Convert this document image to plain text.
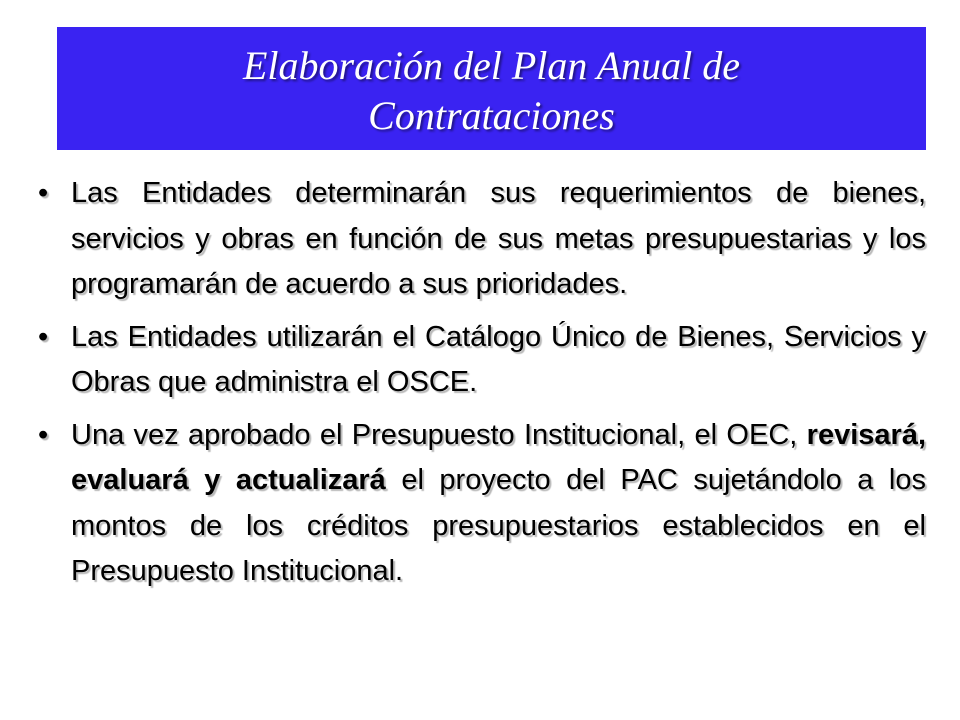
Elaboración del Plan Anual de
Contrataciones
•
Las Entidades determinarán sus requerimientos de bienes, servicios y obras en función de sus metas presupuestarias y los programarán de acuerdo a sus prioridades.
•
Las Entidades utilizarán el Catálogo Único de Bienes, Servicios y Obras que administra el OSCE.
•
Una vez aprobado el Presupuesto Institucional, el OEC, revisará, evaluará y actualizará el proyecto del PAC sujetándolo a los montos de los créditos presupuestarios establecidos en el Presupuesto Institucional.
